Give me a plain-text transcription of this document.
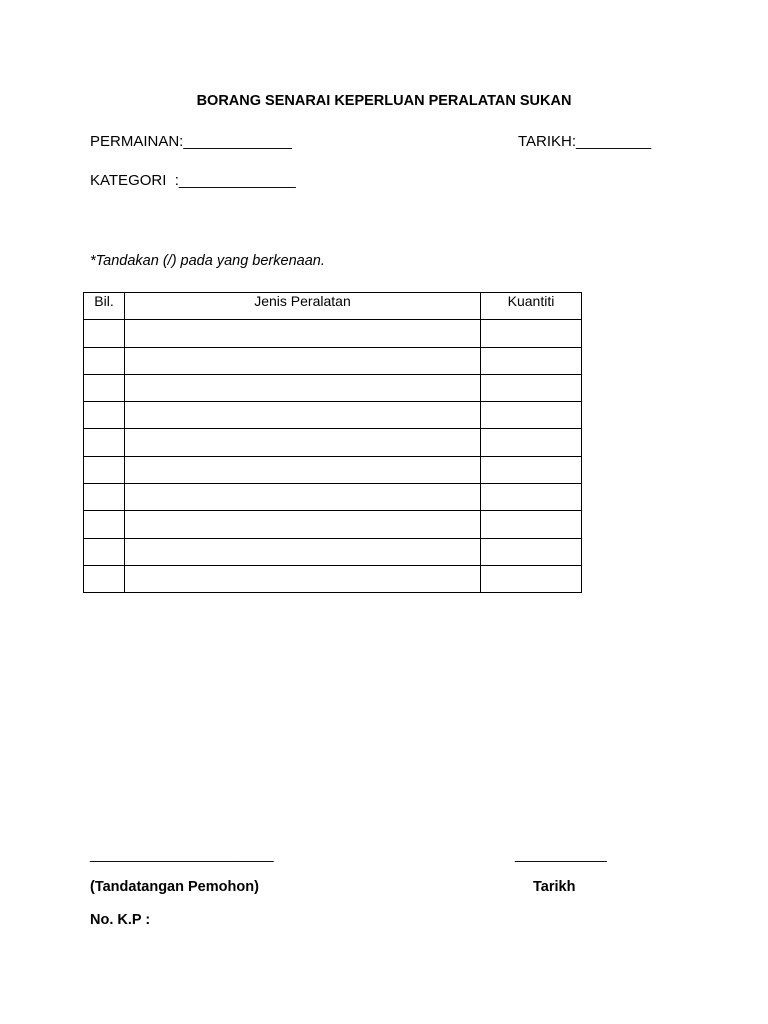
BORANG SENARAI KEPERLUAN PERALATAN SUKAN
PERMAINAN:_____________	TARIKH:_________
KATEGORI  :______________
*Tandakan (/) pada yang berkenaan.
Bil.	Jenis Peralatan	Kuantiti

______________________	___________
(Tandatangan Pemohon)	Tarikh
No. K.P :
